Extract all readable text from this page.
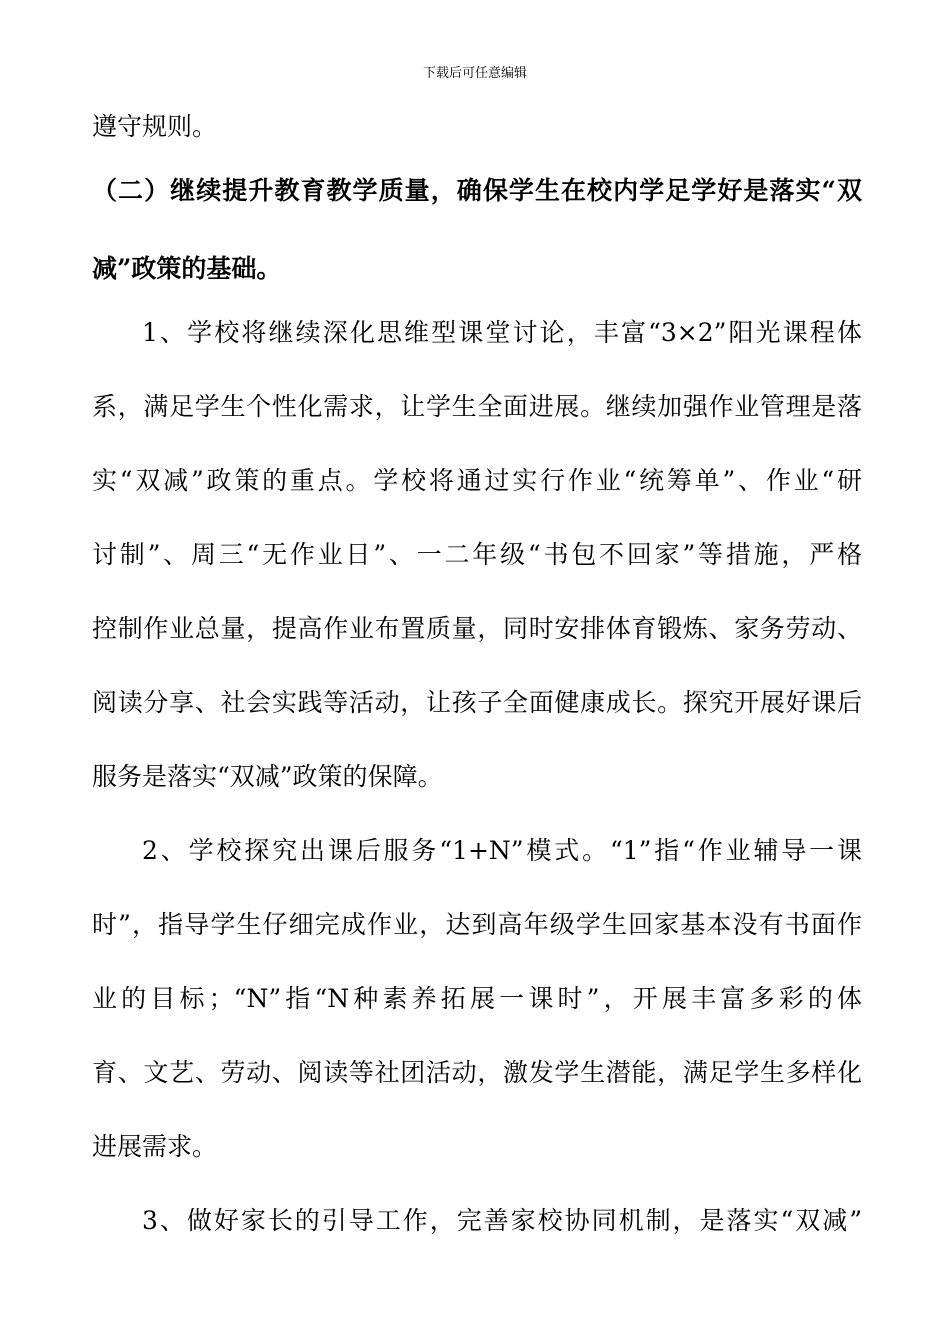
下载后可任意编辑
遵守规则。
（二）继续提升教育教学质量，确保学生在校内学足学好是落实“双
减”政策的基础。
1、学校将继续深化思维型课堂讨论，丰富“3×2”阳光课程体
系，满足学生个性化需求，让学生全面进展。继续加强作业管理是落
实“双减”政策的重点。学校将通过实行作业“统筹单”、作业“研
讨制”、周三“无作业日”、一二年级“书包不回家”等措施，严格
控制作业总量，提高作业布置质量，同时安排体育锻炼、家务劳动、
阅读分享、社会实践等活动，让孩子全面健康成长。探究开展好课后
服务是落实“双减”政策的保障。
2、学校探究出课后服务“1+N”模式。“1”指“作业辅导一课
时”，指导学生仔细完成作业，达到高年级学生回家基本没有书面作
业的目标；“N”指“N种素养拓展一课时”，开展丰富多彩的体
育、文艺、劳动、阅读等社团活动，激发学生潜能，满足学生多样化
进展需求。
3、做好家长的引导工作，完善家校协同机制，是落实“双减”
